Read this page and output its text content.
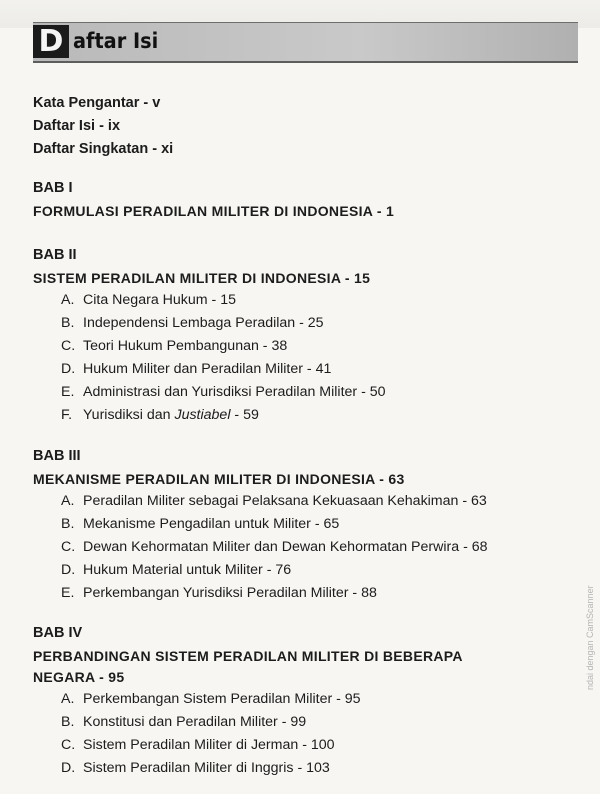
D aftar Isi
Kata Pengantar - v
Daftar Isi - ix
Daftar Singkatan - xi
BAB I
FORMULASI PERADILAN MILITER DI INDONESIA - 1
BAB II
SISTEM PERADILAN MILITER DI INDONESIA - 15
A. Cita Negara Hukum - 15
B. Independensi Lembaga Peradilan - 25
C. Teori Hukum Pembangunan - 38
D. Hukum Militer dan Peradilan Militer - 41
E. Administrasi dan Yurisdiksi Peradilan Militer - 50
F. Yurisdiksi dan Justiabel - 59
BAB III
MEKANISME PERADILAN MILITER DI INDONESIA - 63
A. Peradilan Militer sebagai Pelaksana Kekuasaan Kehakiman - 63
B. Mekanisme Pengadilan untuk Militer - 65
C. Dewan Kehormatan Militer dan Dewan Kehormatan Perwira - 68
D. Hukum Material untuk Militer - 76
E. Perkembangan Yurisdiksi Peradilan Militer - 88
BAB IV
PERBANDINGAN SISTEM PERADILAN MILITER DI BEBERAPA
NEGARA - 95
A. Perkembangan Sistem Peradilan Militer - 95
B. Konstitusi dan Peradilan Militer - 99
C. Sistem Peradilan Militer di Jerman - 100
D. Sistem Peradilan Militer di Inggris - 103
ndai dengan CamScanner
